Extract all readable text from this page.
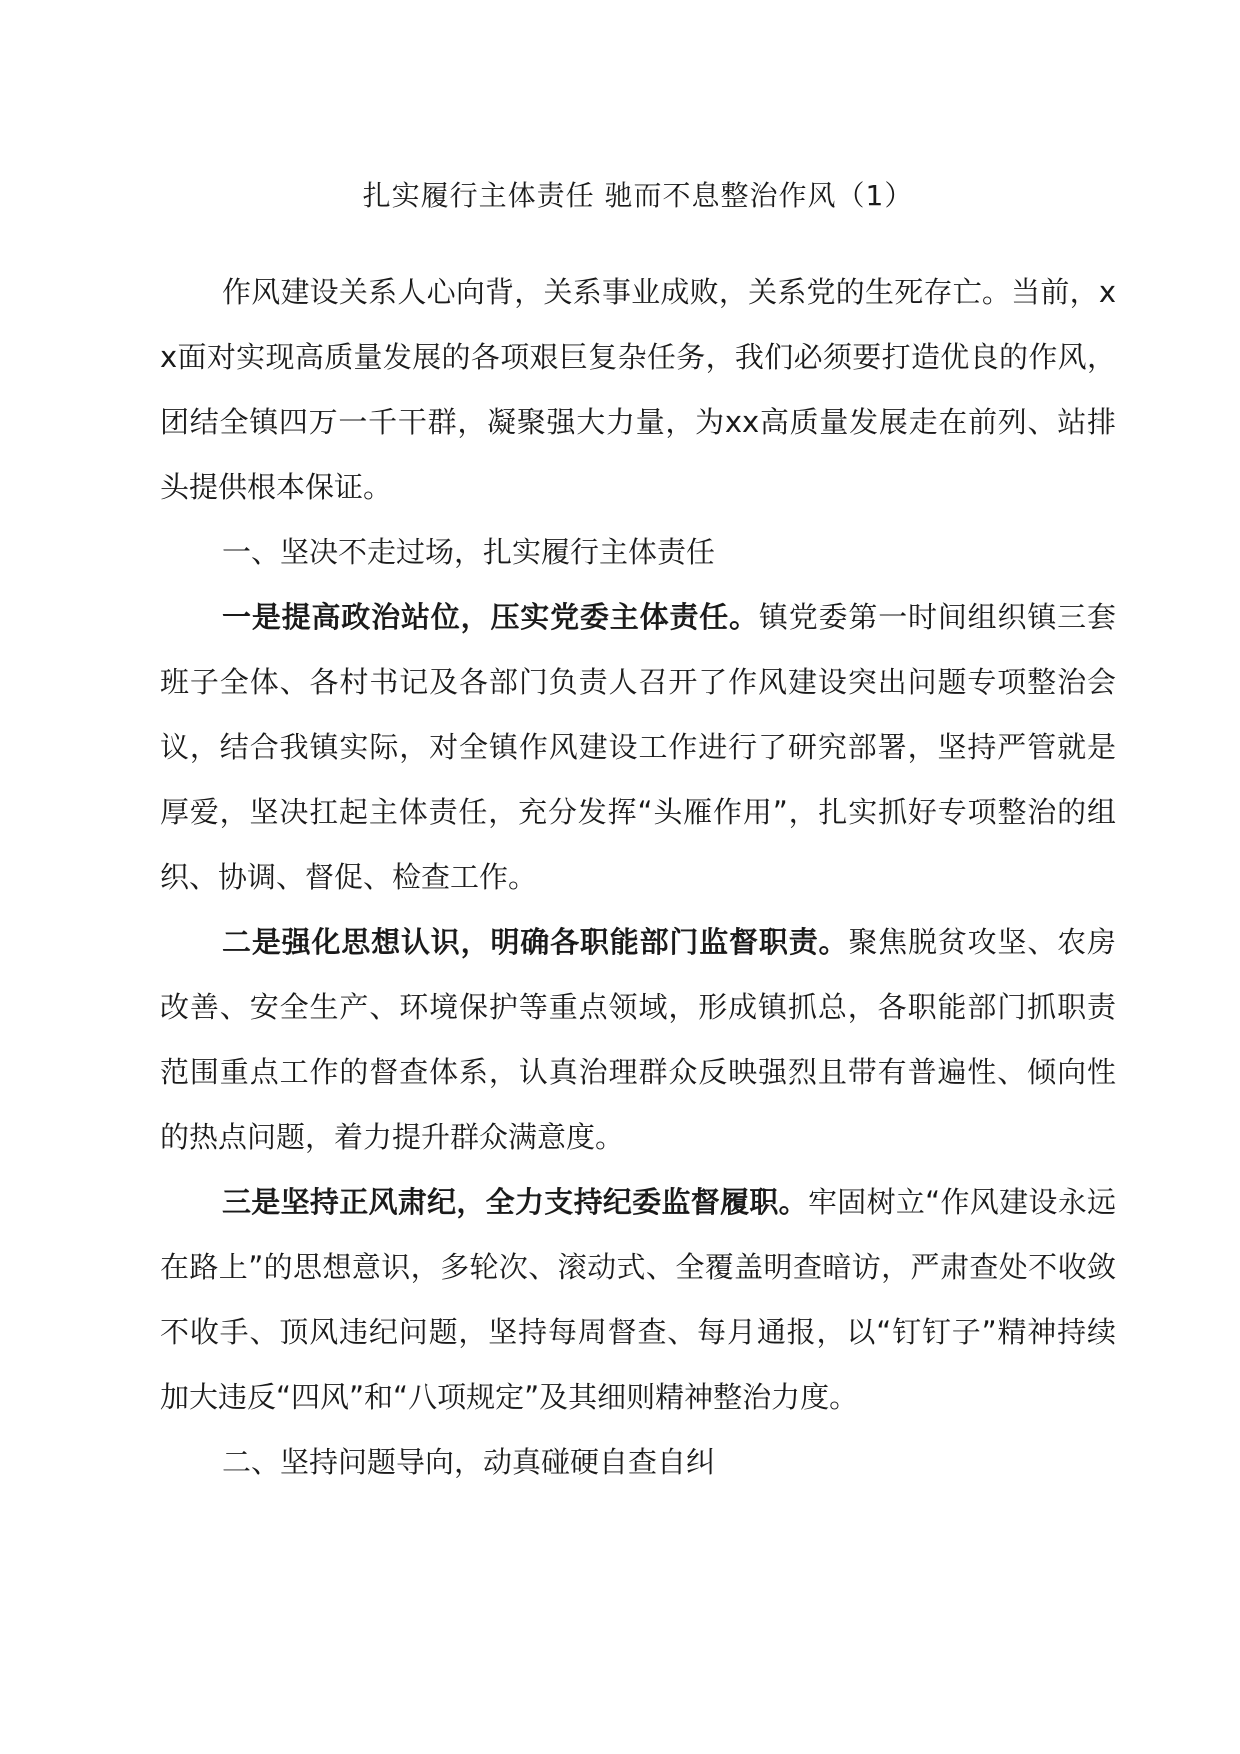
扎实履行主体责任 驰而不息整治作风（1）

作风建设关系人心向背，关系事业成败，关系党的生死存亡。当前，xx面对实现高质量发展的各项艰巨复杂任务，我们必须要打造优良的作风，团结全镇四万一千干群，凝聚强大力量，为xx高质量发展走在前列、站排头提供根本保证。

一、坚决不走过场，扎实履行主体责任

一是提高政治站位，压实党委主体责任。镇党委第一时间组织镇三套班子全体、各村书记及各部门负责人召开了作风建设突出问题专项整治会议，结合我镇实际，对全镇作风建设工作进行了研究部署，坚持严管就是厚爱，坚决扛起主体责任，充分发挥“头雁作用”，扎实抓好专项整治的组织、协调、督促、检查工作。

二是强化思想认识，明确各职能部门监督职责。聚焦脱贫攻坚、农房改善、安全生产、环境保护等重点领域，形成镇抓总，各职能部门抓职责范围重点工作的督查体系，认真治理群众反映强烈且带有普遍性、倾向性的热点问题，着力提升群众满意度。

三是坚持正风肃纪，全力支持纪委监督履职。牢固树立“作风建设永远在路上”的思想意识，多轮次、滚动式、全覆盖明查暗访，严肃查处不收敛不收手、顶风违纪问题，坚持每周督查、每月通报，以“钉钉子”精神持续加大违反“四风”和“八项规定”及其细则精神整治力度。

二、坚持问题导向，动真碰硬自查自纠
